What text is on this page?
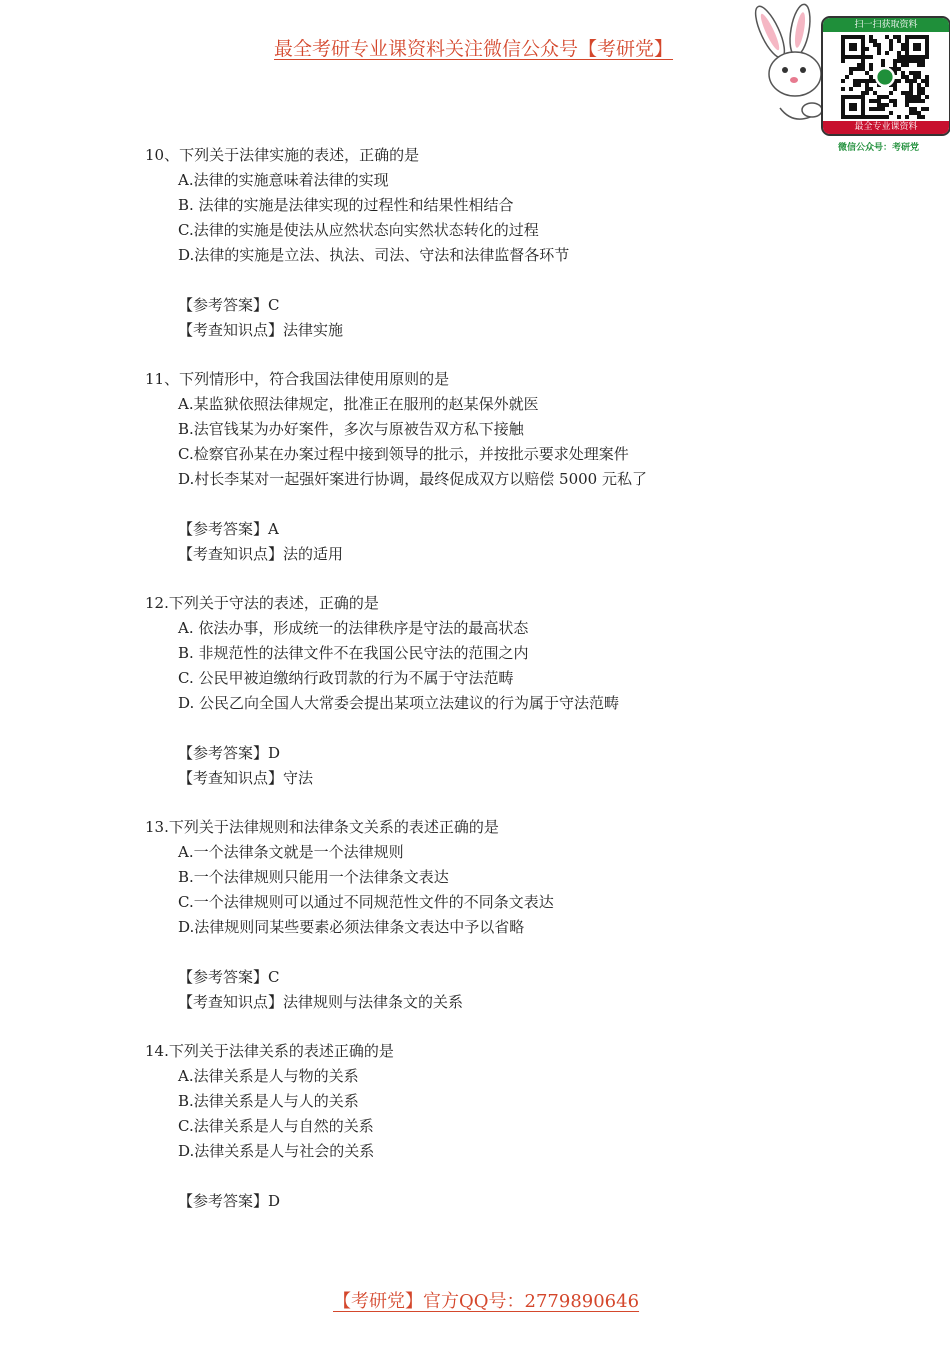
最全考研专业课资料关注微信公众号【考研党】
扫一扫获取资料
最全专业课资料
微信公众号：考研党
10、下列关于法律实施的表述，正确的是
A.法律的实施意味着法律的实现
B. 法律的实施是法律实现的过程性和结果性相结合
C.法律的实施是使法从应然状态向实然状态转化的过程
D.法律的实施是立法、执法、司法、守法和法律监督各环节
【参考答案】C
【考查知识点】法律实施
11、下列情形中，符合我国法律使用原则的是
A.某监狱依照法律规定，批准正在服刑的赵某保外就医
B.法官钱某为办好案件，多次与原被告双方私下接触
C.检察官孙某在办案过程中接到领导的批示，并按批示要求处理案件
D.村长李某对一起强奸案进行协调，最终促成双方以赔偿 5000 元私了
【参考答案】A
【考查知识点】法的适用
12.下列关于守法的表述，正确的是
A. 依法办事，形成统一的法律秩序是守法的最高状态
B. 非规范性的法律文件不在我国公民守法的范围之内
C. 公民甲被迫缴纳行政罚款的行为不属于守法范畴
D. 公民乙向全国人大常委会提出某项立法建议的行为属于守法范畴
【参考答案】D
【考查知识点】守法
13.下列关于法律规则和法律条文关系的表述正确的是
A.一个法律条文就是一个法律规则
B.一个法律规则只能用一个法律条文表达
C.一个法律规则可以通过不同规范性文件的不同条文表达
D.法律规则同某些要素必须法律条文表达中予以省略
【参考答案】C
【考查知识点】法律规则与法律条文的关系
14.下列关于法律关系的表述正确的是
A.法律关系是人与物的关系
B.法律关系是人与人的关系
C.法律关系是人与自然的关系
D.法律关系是人与社会的关系
【参考答案】D
【考研党】官方QQ号：2779890646
